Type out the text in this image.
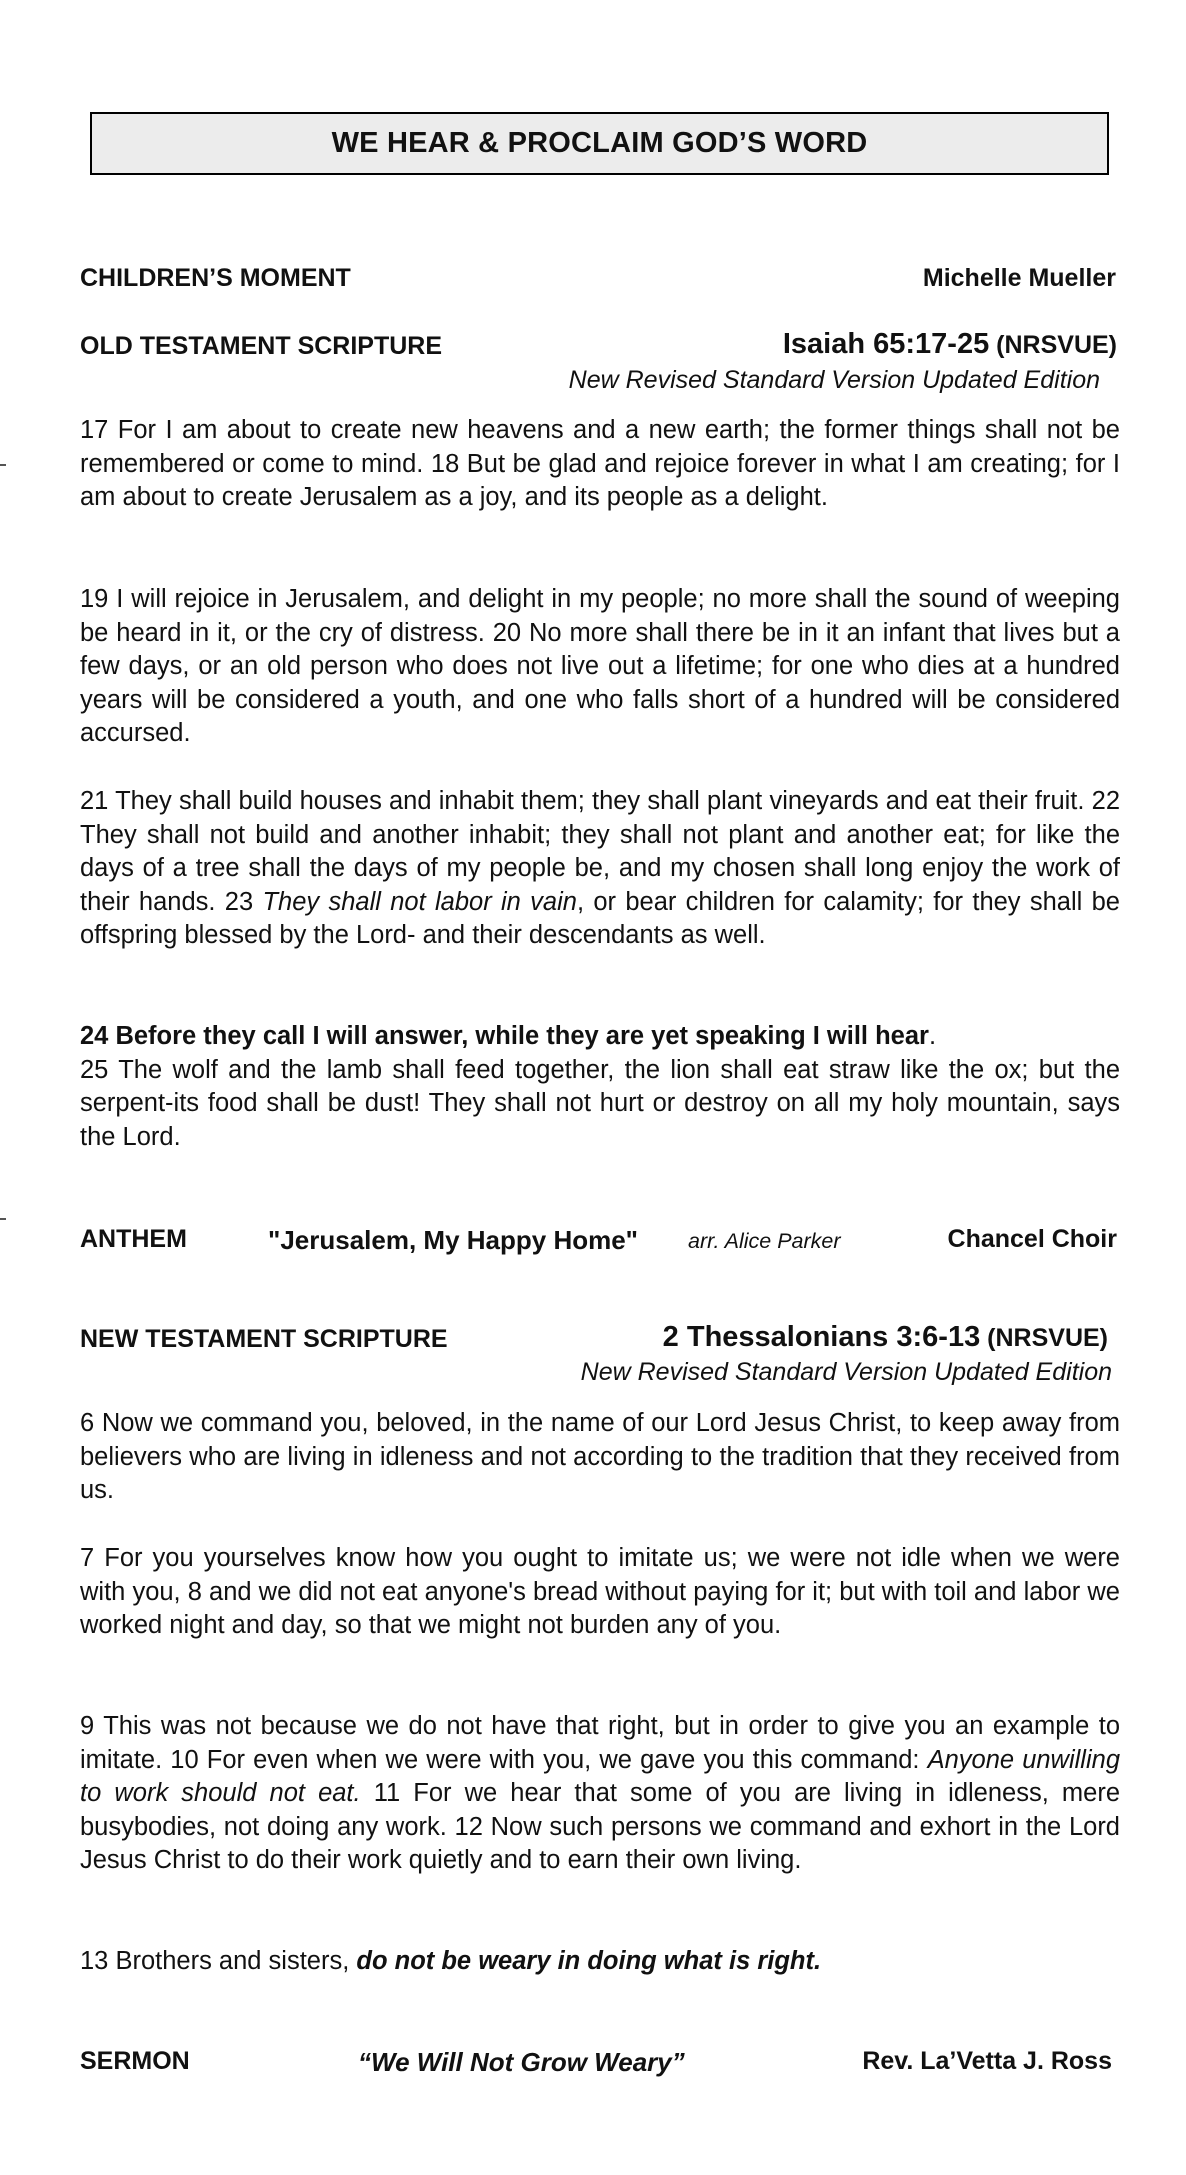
WE HEAR & PROCLAIM GOD’S WORD
CHILDREN’S MOMENT	Michelle Mueller
OLD TESTAMENT SCRIPTURE	Isaiah 65:17-25 (NRSVUE)
New Revised Standard Version Updated Edition
17 For I am about to create new heavens and a new earth; the former things shall not be remembered or come to mind. 18 But be glad and rejoice forever in what I am creating; for I am about to create Jerusalem as a joy, and its people as a delight.
19 I will rejoice in Jerusalem, and delight in my people; no more shall the sound of weeping be heard in it, or the cry of distress. 20 No more shall there be in it an infant that lives but a few days, or an old person who does not live out a lifetime; for one who dies at a hundred years will be considered a youth, and one who falls short of a hundred will be considered accursed.
21 They shall build houses and inhabit them; they shall plant vineyards and eat their fruit. 22 They shall not build and another inhabit; they shall not plant and another eat; for like the days of a tree shall the days of my people be, and my chosen shall long enjoy the work of their hands. 23 They shall not labor in vain, or bear children for calamity; for they shall be offspring blessed by the Lord- and their descendants as well.
24 Before they call I will answer, while they are yet speaking I will hear.
25 The wolf and the lamb shall feed together, the lion shall eat straw like the ox; but the serpent-its food shall be dust! They shall not hurt or destroy on all my holy mountain, says the Lord.
ANTHEM	"Jerusalem, My Happy Home" arr. Alice Parker	Chancel Choir
NEW TESTAMENT SCRIPTURE	2 Thessalonians 3:6-13 (NRSVUE)
New Revised Standard Version Updated Edition
6 Now we command you, beloved, in the name of our Lord Jesus Christ, to keep away from believers who are living in idleness and not according to the tradition that they received from us.
7 For you yourselves know how you ought to imitate us; we were not idle when we were with you, 8 and we did not eat anyone's bread without paying for it; but with toil and labor we worked night and day, so that we might not burden any of you.
9 This was not because we do not have that right, but in order to give you an example to imitate. 10 For even when we were with you, we gave you this command: Anyone unwilling to work should not eat. 11 For we hear that some of you are living in idleness, mere busybodies, not doing any work. 12 Now such persons we command and exhort in the Lord Jesus Christ to do their work quietly and to earn their own living.
13 Brothers and sisters, do not be weary in doing what is right.
SERMON	“We Will Not Grow Weary”	Rev. La’Vetta J. Ross
